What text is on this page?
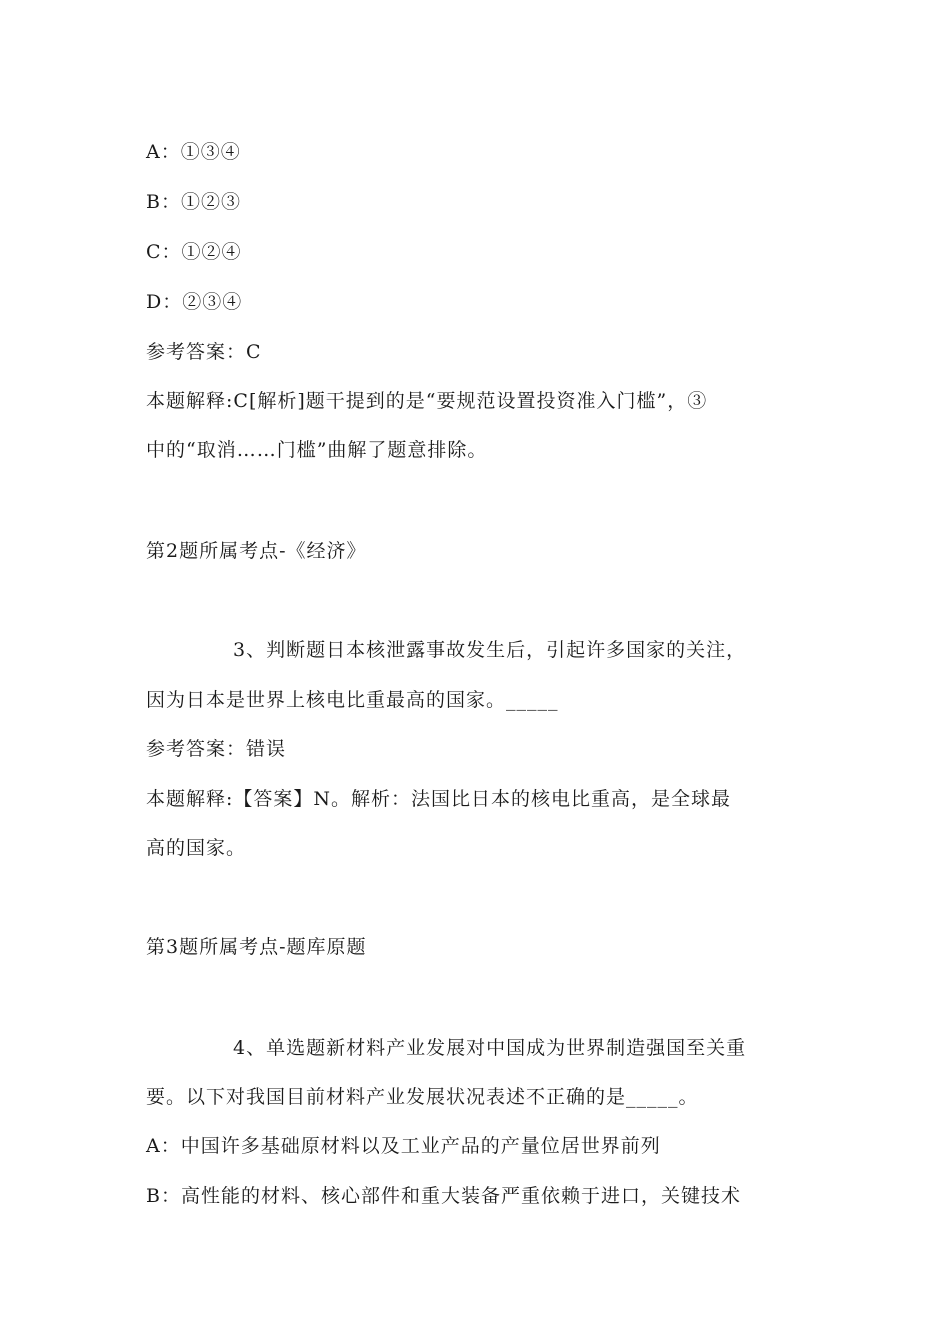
A：①③④
B：①②③
C：①②④
D：②③④
参考答案：C
本题解释:C[解析]题干提到的是“要规范设置投资准入门槛”，③
中的“取消……门槛”曲解了题意排除。
第2题所属考点-《经济》
3、判断题日本核泄露事故发生后，引起许多国家的关注，
因为日本是世界上核电比重最高的国家。_____
参考答案：错误
本题解释:【答案】N。解析：法国比日本的核电比重高，是全球最
高的国家。
第3题所属考点-题库原题
4、单选题新材料产业发展对中国成为世界制造强国至关重
要。以下对我国目前材料产业发展状况表述不正确的是_____。
A：中国许多基础原材料以及工业产品的产量位居世界前列
B：高性能的材料、核心部件和重大装备严重依赖于进口，关键技术
